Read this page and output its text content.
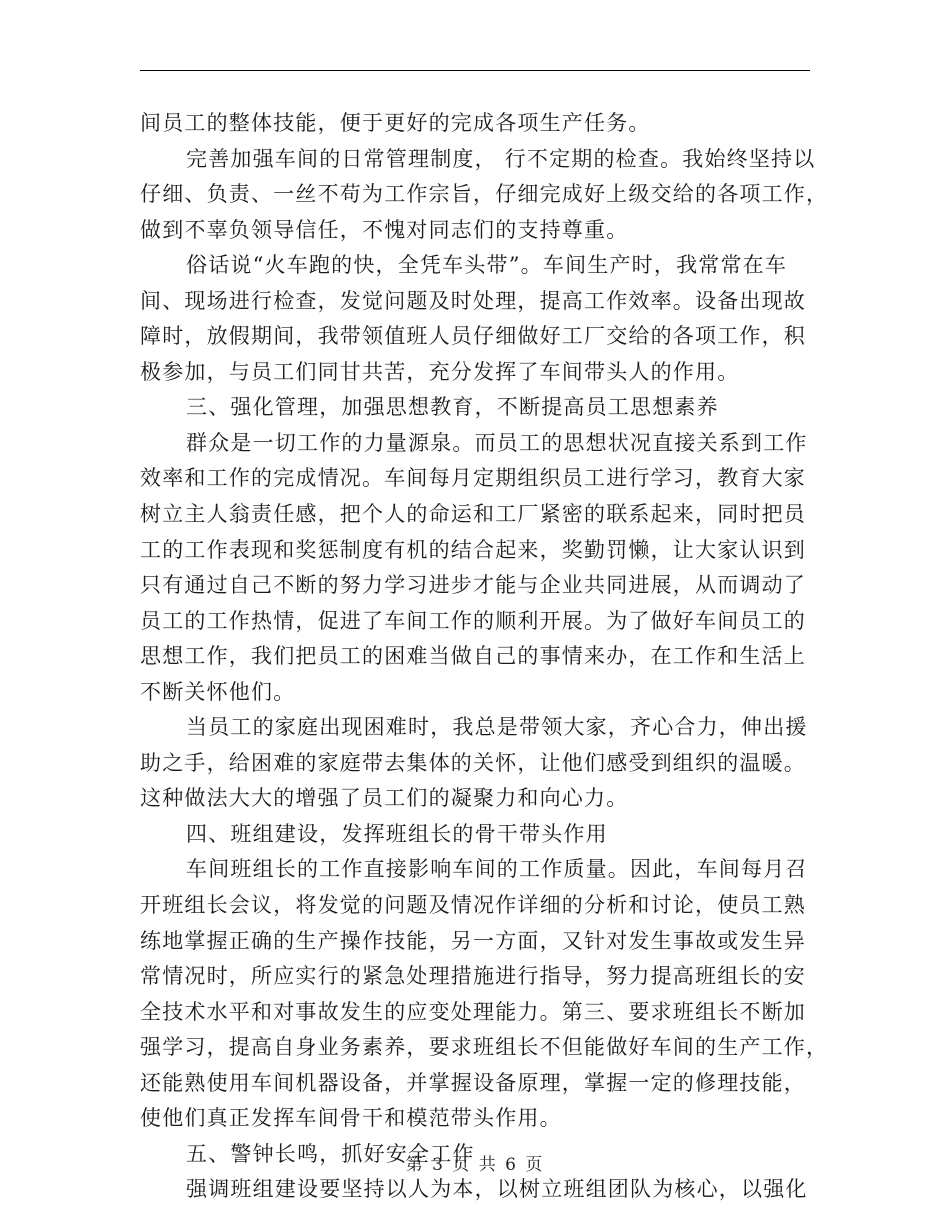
间员工的整体技能，便于更好的完成各项生产任务。
完善加强车间的日常管理制度， 行不定期的检查。我始终坚持以
仔细、负责、一丝不苟为工作宗旨，仔细完成好上级交给的各项工作，
做到不辜负领导信任，不愧对同志们的支持尊重。
俗话说“火车跑的快，全凭车头带”。车间生产时，我常常在车
间、现场进行检查，发觉问题及时处理，提高工作效率。设备出现故
障时，放假期间，我带领值班人员仔细做好工厂交给的各项工作，积
极参加，与员工们同甘共苦，充分发挥了车间带头人的作用。
三、强化管理，加强思想教育，不断提高员工思想素养
群众是一切工作的力量源泉。而员工的思想状况直接关系到工作
效率和工作的完成情况。车间每月定期组织员工进行学习，教育大家
树立主人翁责任感，把个人的命运和工厂紧密的联系起来，同时把员
工的工作表现和奖惩制度有机的结合起来，奖勤罚懒，让大家认识到
只有通过自己不断的努力学习进步才能与企业共同进展，从而调动了
员工的工作热情，促进了车间工作的顺利开展。为了做好车间员工的
思想工作，我们把员工的困难当做自己的事情来办，在工作和生活上
不断关怀他们。
当员工的家庭出现困难时，我总是带领大家，齐心合力，伸出援
助之手，给困难的家庭带去集体的关怀，让他们感受到组织的温暖。
这种做法大大的增强了员工们的凝聚力和向心力。
四、班组建设，发挥班组长的骨干带头作用
车间班组长的工作直接影响车间的工作质量。因此，车间每月召
开班组长会议，将发觉的问题及情况作详细的分析和讨论，使员工熟
练地掌握正确的生产操作技能，另一方面，又针对发生事故或发生异
常情况时，所应实行的紧急处理措施进行指导，努力提高班组长的安
全技术水平和对事故发生的应变处理能力。第三、要求班组长不断加
强学习，提高自身业务素养，要求班组长不但能做好车间的生产工作，
还能熟使用车间机器设备，并掌握设备原理，掌握一定的修理技能，
使他们真正发挥车间骨干和模范带头作用。
五、警钟长鸣，抓好安全工作
强调班组建设要坚持以人为本，以树立班组团队为核心，以强化
第 3 页 共 6 页
